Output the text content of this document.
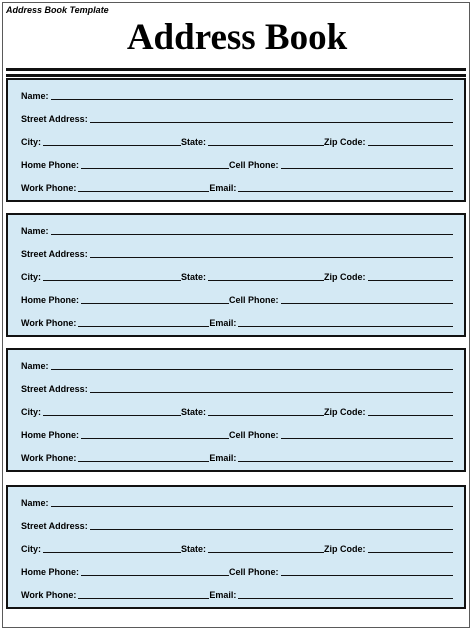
Address Book Template
Address Book
Name:
Street Address:
City:	State:	Zip Code:
Home Phone:	Cell Phone:
Work Phone:	Email:
Name:
Street Address:
City:	State:	Zip Code:
Home Phone:	Cell Phone:
Work Phone:	Email:
Name:
Street Address:
City:	State:	Zip Code:
Home Phone:	Cell Phone:
Work Phone:	Email:
Name:
Street Address:
City:	State:	Zip Code:
Home Phone:	Cell Phone:
Work Phone:	Email:
